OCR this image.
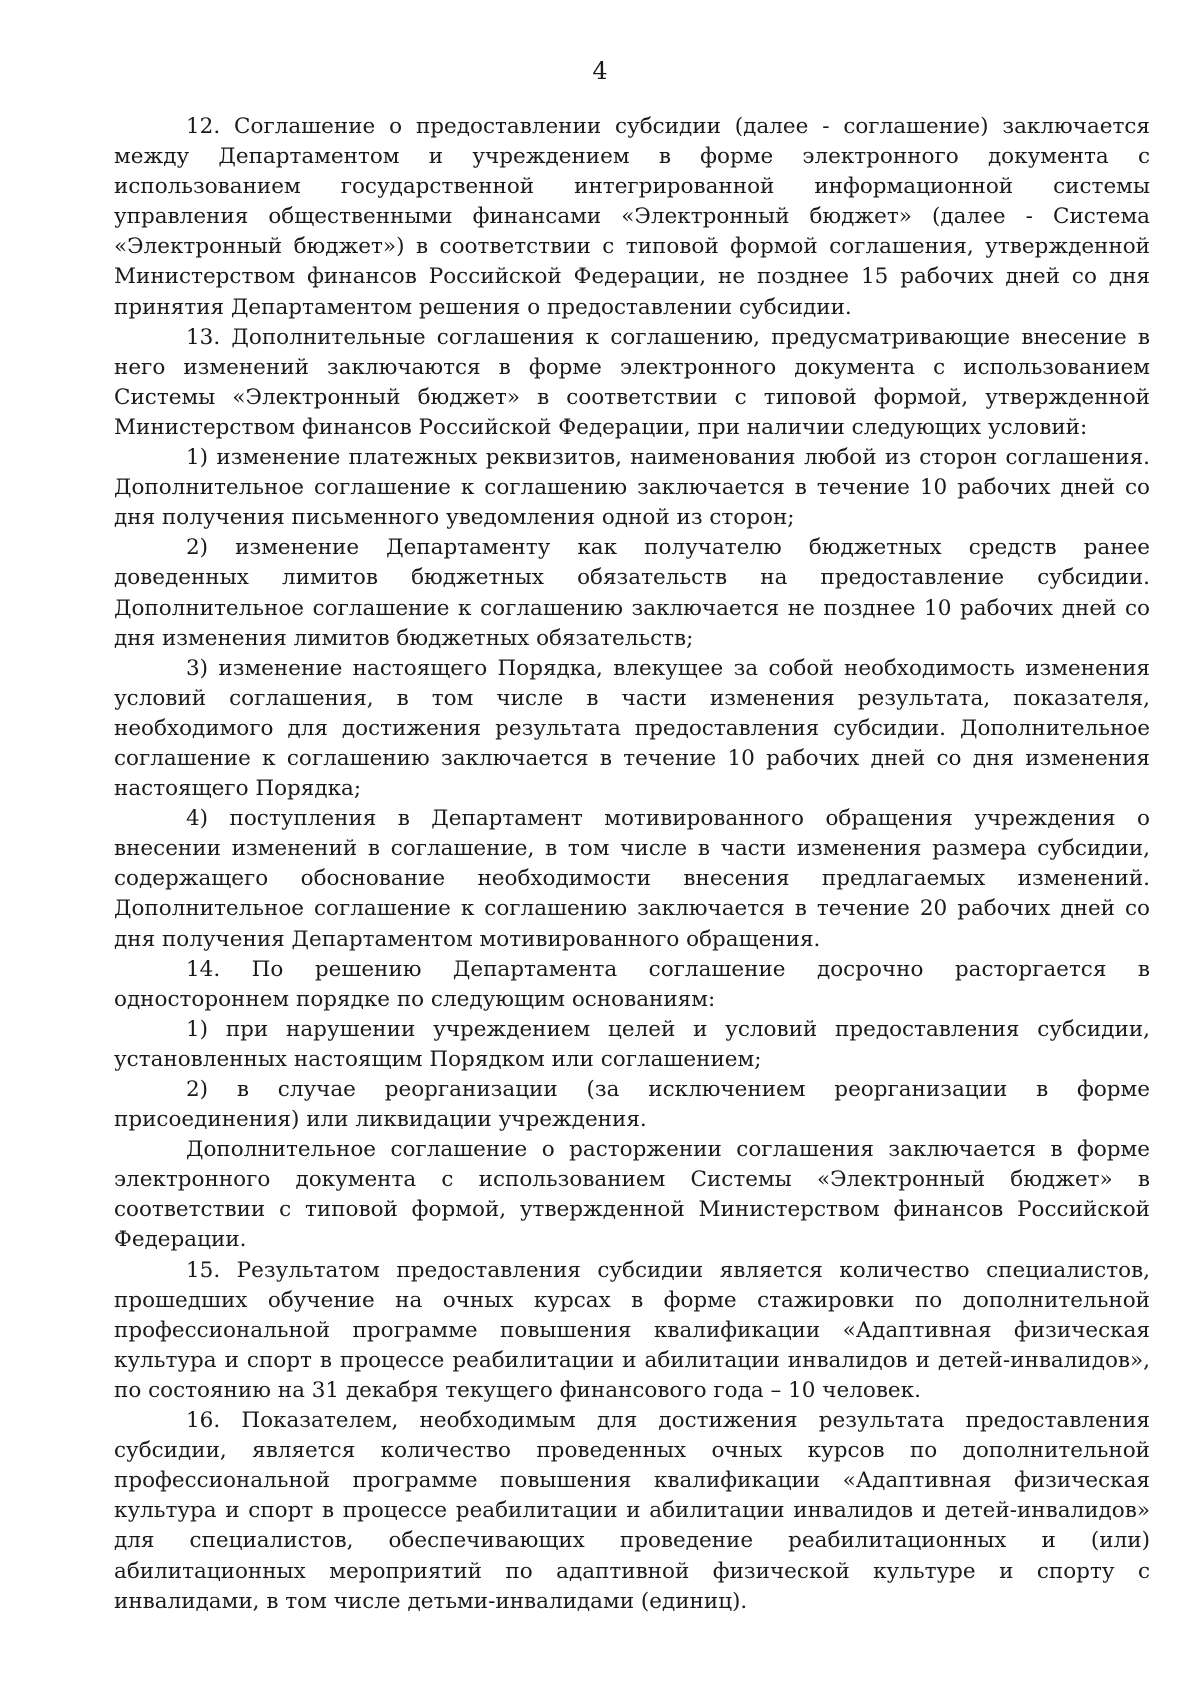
4

12. Соглашение о предоставлении субсидии (далее - соглашение) заключается между Департаментом и учреждением в форме электронного документа с использованием государственной интегрированной информационной системы управления общественными финансами «Электронный бюджет» (далее - Система «Электронный бюджет») в соответствии с типовой формой соглашения, утвержденной Министерством финансов Российской Федерации, не позднее 15 рабочих дней со дня принятия Департаментом решения о предоставлении субсидии.

13. Дополнительные соглашения к соглашению, предусматривающие внесение в него изменений заключаются в форме электронного документа с использованием Системы «Электронный бюджет» в соответствии с типовой формой, утвержденной Министерством финансов Российской Федерации, при наличии следующих условий:

1) изменение платежных реквизитов, наименования любой из сторон соглашения. Дополнительное соглашение к соглашению заключается в течение 10 рабочих дней со дня получения письменного уведомления одной из сторон;

2) изменение Департаменту как получателю бюджетных средств ранее доведенных лимитов бюджетных обязательств на предоставление субсидии. Дополнительное соглашение к соглашению заключается не позднее 10 рабочих дней со дня изменения лимитов бюджетных обязательств;

3) изменение настоящего Порядка, влекущее за собой необходимость изменения условий соглашения, в том числе в части изменения результата, показателя, необходимого для достижения результата предоставления субсидии. Дополнительное соглашение к соглашению заключается в течение 10 рабочих дней со дня изменения настоящего Порядка;

4) поступления в Департамент мотивированного обращения учреждения о внесении изменений в соглашение, в том числе в части изменения размера субсидии, содержащего обоснование необходимости внесения предлагаемых изменений. Дополнительное соглашение к соглашению заключается в течение 20 рабочих дней со дня получения Департаментом мотивированного обращения.

14. По решению Департамента соглашение досрочно расторгается в одностороннем порядке по следующим основаниям:

1) при нарушении учреждением целей и условий предоставления субсидии, установленных настоящим Порядком или соглашением;

2) в случае реорганизации (за исключением реорганизации в форме присоединения) или ликвидации учреждения.

Дополнительное соглашение о расторжении соглашения заключается в форме электронного документа с использованием Системы «Электронный бюджет» в соответствии с типовой формой, утвержденной Министерством финансов Российской Федерации.

15. Результатом предоставления субсидии является количество специалистов, прошедших обучение на очных курсах в форме стажировки по дополнительной профессиональной программе повышения квалификации «Адаптивная физическая культура и спорт в процессе реабилитации и абилитации инвалидов и детей-инвалидов», по состоянию на 31 декабря текущего финансового года – 10 человек.

16. Показателем, необходимым для достижения результата предоставления субсидии, является количество проведенных очных курсов по дополнительной профессиональной программе повышения квалификации «Адаптивная физическая культура и спорт в процессе реабилитации и абилитации инвалидов и детей-инвалидов» для специалистов, обеспечивающих проведение реабилитационных и (или) абилитационных мероприятий по адаптивной физической культуре и спорту с инвалидами, в том числе детьми-инвалидами (единиц).
